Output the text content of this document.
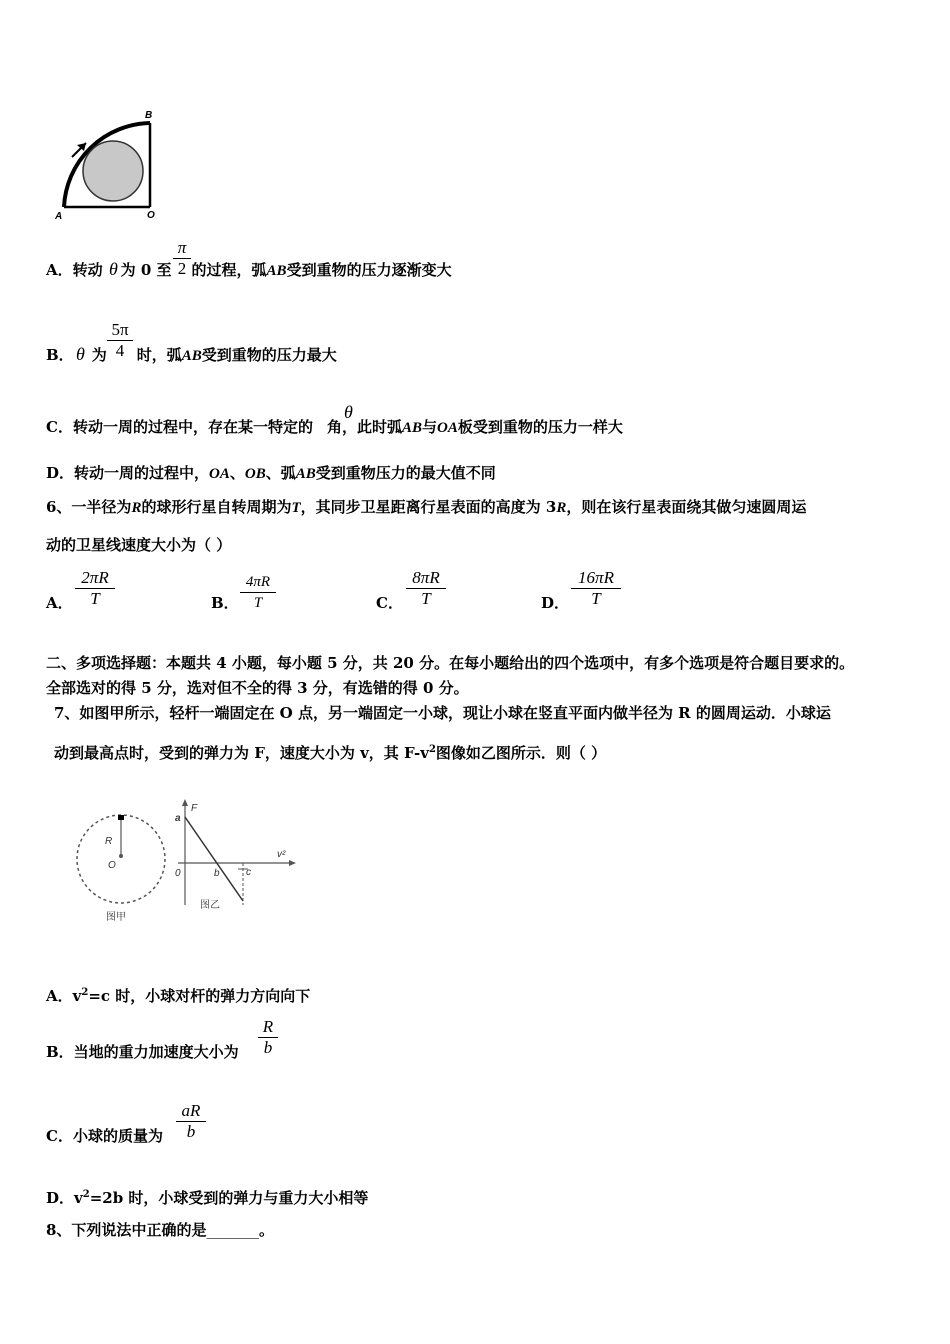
A
B
O
A．转动 为 0 至 的过程，弧AB受到重物的压力逐渐变大
θ
π
2
B． 为 时，弧AB受到重物的压力最大
θ
5π
4
C．转动一周的过程中，存在某一特定的 角，此时弧AB与OA板受到重物的压力一样大
θ
D．转动一周的过程中，OA、OB、弧AB受到重物压力的最大值不同
6、一半径为R的球形行星自转周期为T，其同步卫星距离行星表面的高度为 3R，则在该行星表面绕其做匀速圆周运
动的卫星线速度大小为（ ）
A．
2πR
T	B．
4πR
T	C．
8πR
T	D．
16πR
T
二、多项选择题：本题共 4 小题，每小题 5 分，共 20 分。在每小题给出的四个选项中，有多个选项是符合题目要求的。
全部选对的得 5 分，选对但不全的得 3 分，有选错的得 0 分。
7、如图甲所示，轻杆一端固定在 O 点，另一端固定一小球，现让小球在竖直平面内做半径为 R 的圆周运动．小球运
动到最高点时，受到的弹力为 F，速度大小为 v，其 $F-v^2$图像如乙图所示．则（ ）
R
O
图甲
a
F
v²
0	b	c
图乙
A．$v^2=c$ 时，小球对杆的弹力方向向下
B．当地的重力加速度大小为
R
b
C．小球的质量为
aR
b
D．$v^2=2b$ 时，小球受到的弹力与重力大小相等
8、下列说法中正确的是_______。
